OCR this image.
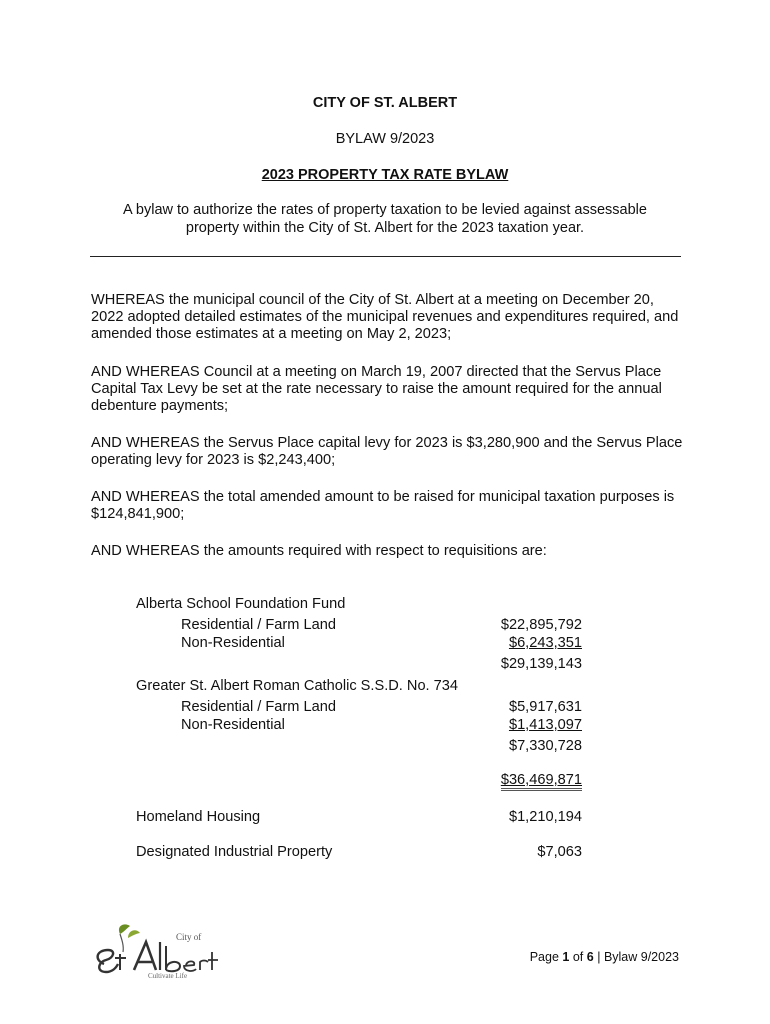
CITY OF ST. ALBERT
BYLAW 9/2023
2023 PROPERTY TAX RATE BYLAW
A bylaw to authorize the rates of property taxation to be levied against assessable
property within the City of St. Albert for the 2023 taxation year.
WHEREAS the municipal council of the City of St. Albert at a meeting on December 20, 2022 adopted detailed estimates of the municipal revenues and expenditures required, and amended those estimates at a meeting on May 2, 2023;
AND WHEREAS Council at a meeting on March 19, 2007 directed that the Servus Place Capital Tax Levy be set at the rate necessary to raise the amount required for the annual debenture payments;
AND WHEREAS the Servus Place capital levy for 2023 is $3,280,900 and the Servus Place operating levy for 2023 is $2,243,400;
AND WHEREAS the total amended amount to be raised for municipal taxation purposes is $124,841,900;
AND WHEREAS the amounts required with respect to requisitions are:
Alberta School Foundation Fund
Residential / Farm Land	$22,895,792
Non-Residential	$6,243,351
$29,139,143
Greater St. Albert Roman Catholic S.S.D. No. 734
Residential / Farm Land	$5,917,631
Non-Residential	$1,413,097
$7,330,728
$36,469,871
Homeland Housing	$1,210,194
Designated Industrial Property	$7,063
City of
Cultivate Life
Page 1 of 6 | Bylaw 9/2023
